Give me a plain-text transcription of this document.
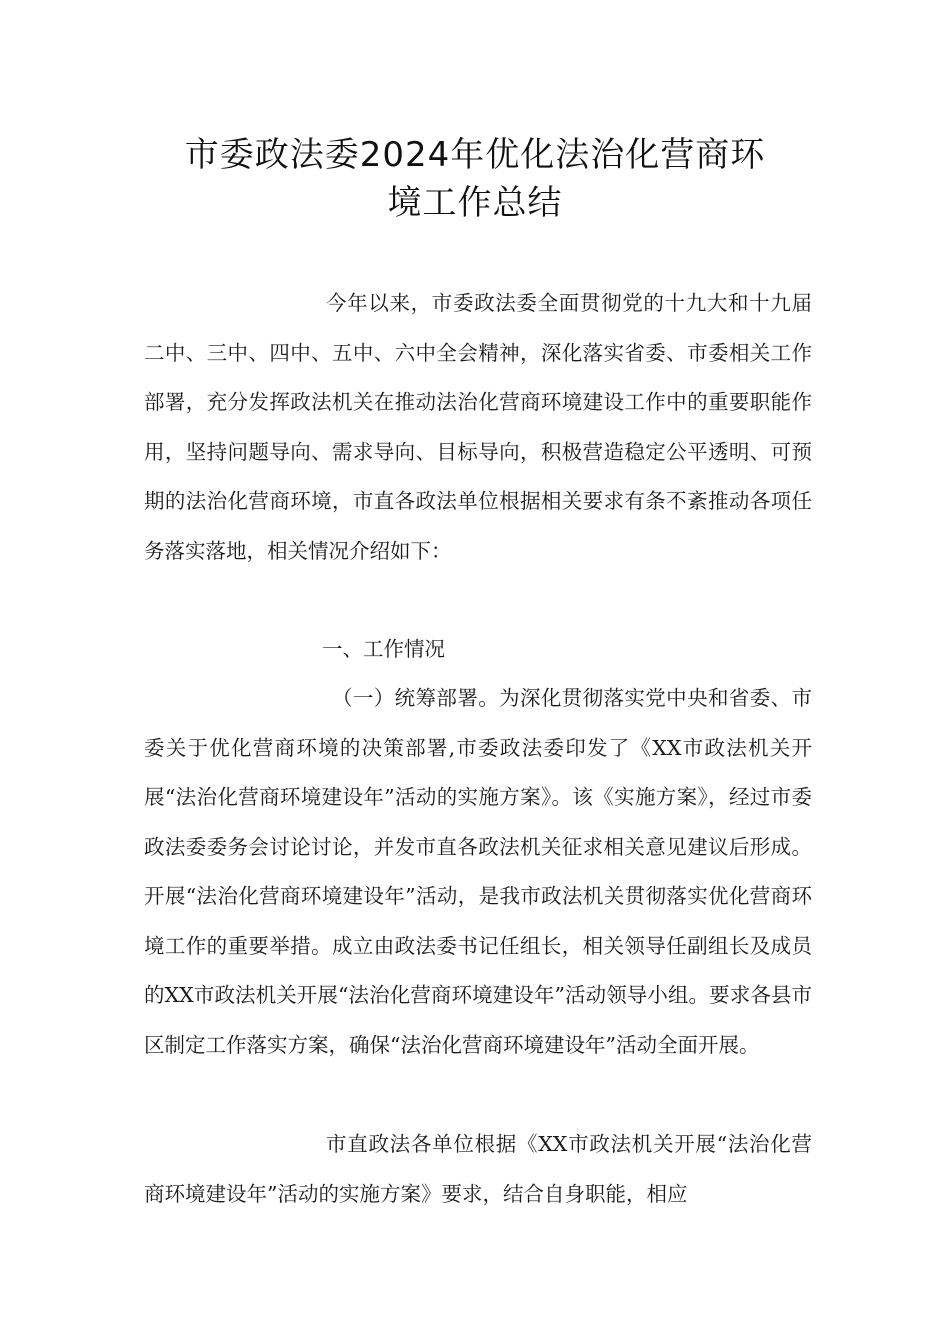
市委政法委2024年优化法治化营商环
境工作总结

今年以来，市委政法委全面贯彻党的十九大和十九届二中、三中、四中、五中、六中全会精神，深化落实省委、市委相关工作部署，充分发挥政法机关在推动法治化营商环境建设工作中的重要职能作用，坚持问题导向、需求导向、目标导向，积极营造稳定公平透明、可预期的法治化营商环境，市直各政法单位根据相关要求有条不紊推动各项任务落实落地，相关情况介绍如下：

一、工作情况

（一）统筹部署。为深化贯彻落实党中央和省委、市委关于优化营商环境的决策部署,市委政法委印发了《XX市政法机关开展“法治化营商环境建设年”活动的实施方案》。该《实施方案》，经过市委政法委委务会讨论讨论，并发市直各政法机关征求相关意见建议后形成。开展“法治化营商环境建设年”活动，是我市政法机关贯彻落实优化营商环境工作的重要举措。成立由政法委书记任组长，相关领导任副组长及成员的XX市政法机关开展“法治化营商环境建设年”活动领导小组。要求各县市区制定工作落实方案，确保“法治化营商环境建设年”活动全面开展。

市直政法各单位根据《XX市政法机关开展“法治化营商环境建设年”活动的实施方案》要求，结合自身职能，相应
